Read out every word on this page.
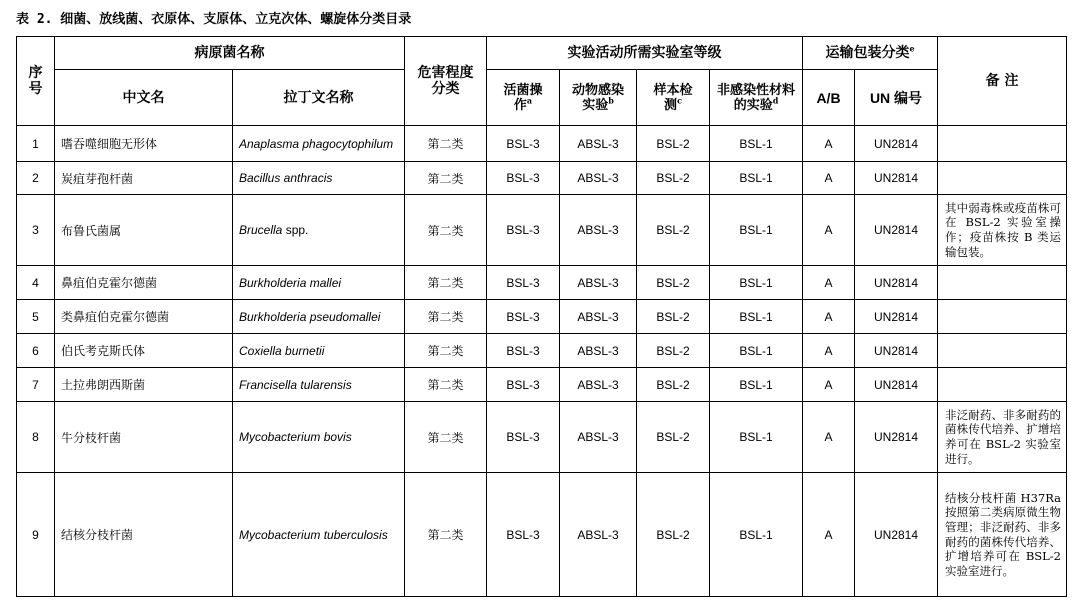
表 2. 细菌、放线菌、衣原体、支原体、立克次体、螺旋体分类目录
序号	病原菌名称		危害程度分类	实验活动所需实验室等级				运输包装分类$^e$		备 注
	中文名	拉丁文名称		活菌操作$^a$	动物感染实验$^b$	样本检测$^c$	非感染性材料的实验$^d$	A/B	UN 编号	
1	嗜吞噬细胞无形体	Anaplasma phagocytophilum	第二类	BSL-3	ABSL-3	BSL-2	BSL-1	A	UN2814	
2	炭疽芽孢杆菌	Bacillus anthracis	第二类	BSL-3	ABSL-3	BSL-2	BSL-1	A	UN2814	
3	布鲁氏菌属	Brucella spp.	第二类	BSL-3	ABSL-3	BSL-2	BSL-1	A	UN2814	其中弱毒株或疫苗株可在 BSL-2 实验室操作；疫苗株按 B 类运输包装。
4	鼻疽伯克霍尔德菌	Burkholderia mallei	第二类	BSL-3	ABSL-3	BSL-2	BSL-1	A	UN2814	
5	类鼻疽伯克霍尔德菌	Burkholderia pseudomallei	第二类	BSL-3	ABSL-3	BSL-2	BSL-1	A	UN2814	
6	伯氏考克斯氏体	Coxiella burnetii	第二类	BSL-3	ABSL-3	BSL-2	BSL-1	A	UN2814	
7	土拉弗朗西斯菌	Francisella tularensis	第二类	BSL-3	ABSL-3	BSL-2	BSL-1	A	UN2814	
8	牛分枝杆菌	Mycobacterium bovis	第二类	BSL-3	ABSL-3	BSL-2	BSL-1	A	UN2814	非泛耐药、非多耐药的菌株传代培养、扩增培养可在 BSL-2 实验室进行。
9	结核分枝杆菌	Mycobacterium tuberculosis	第二类	BSL-3	ABSL-3	BSL-2	BSL-1	A	UN2814	结核分枝杆菌 H37Ra 按照第二类病原微生物管理；非泛耐药、非多耐药的菌株传代培养、扩增培养可在 BSL-2 实验室进行。
